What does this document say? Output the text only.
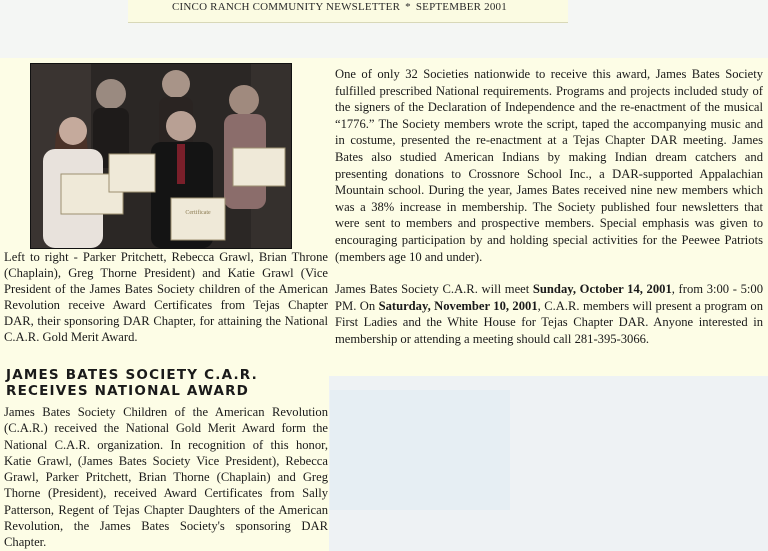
CINCO RANCH COMMUNITY NEWSLETTER * SEPTEMBER 2001
Certificate
Left to right - Parker Pritchett, Rebecca Grawl, Brian Throne (Chaplain), Greg Thorne President) and Katie Grawl (Vice President of the James Bates Society children of the American Revolution receive Award Certificates from Tejas Chapter DAR, their sponsoring DAR Chapter, for attaining the National C.A.R. Gold Merit Award.
JAMES BATES SOCIETY C.A.R. RECEIVES NATIONAL AWARD
James Bates Society Children of the American Revolution (C.A.R.) received the National Gold Merit Award form the National C.A.R. organization. In recognition of this honor, Katie Grawl, (James Bates Society Vice President), Rebecca Grawl, Parker Pritchett, Brian Thorne (Chaplain) and Greg Thorne (President), received Award Certificates from Sally Patterson, Regent of Tejas Chapter Daughters of the American Revolution, the James Bates Society's sponsoring DAR Chapter.
One of only 32 Societies nationwide to receive this award, James Bates Society fulfilled prescribed National requirements. Programs and projects included study of the signers of the Declaration of Independence and the re-enactment of the musical “1776.” The Society members wrote the script, taped the accompanying music and in costume, presented the re-enactment at a Tejas Chapter DAR meeting. James Bates also studied American Indians by making Indian dream catchers and presenting donations to Crossnore School Inc., a DAR-supported Appalachian Mountain school. During the year, James Bates received nine new members which was a 38% increase in membership. The Society published four newsletters that were sent to members and prospective members. Special emphasis was given to encouraging participation by and holding special activities for the Peewee Patriots (members age 10 and under).
James Bates Society C.A.R. will meet Sunday, October 14, 2001, from 3:00 - 5:00 PM. On Saturday, November 10, 2001, C.A.R. members will present a program on First Ladies and the White House for Tejas Chapter DAR. Anyone interested in membership or attending a meeting should call 281-395-3066.
